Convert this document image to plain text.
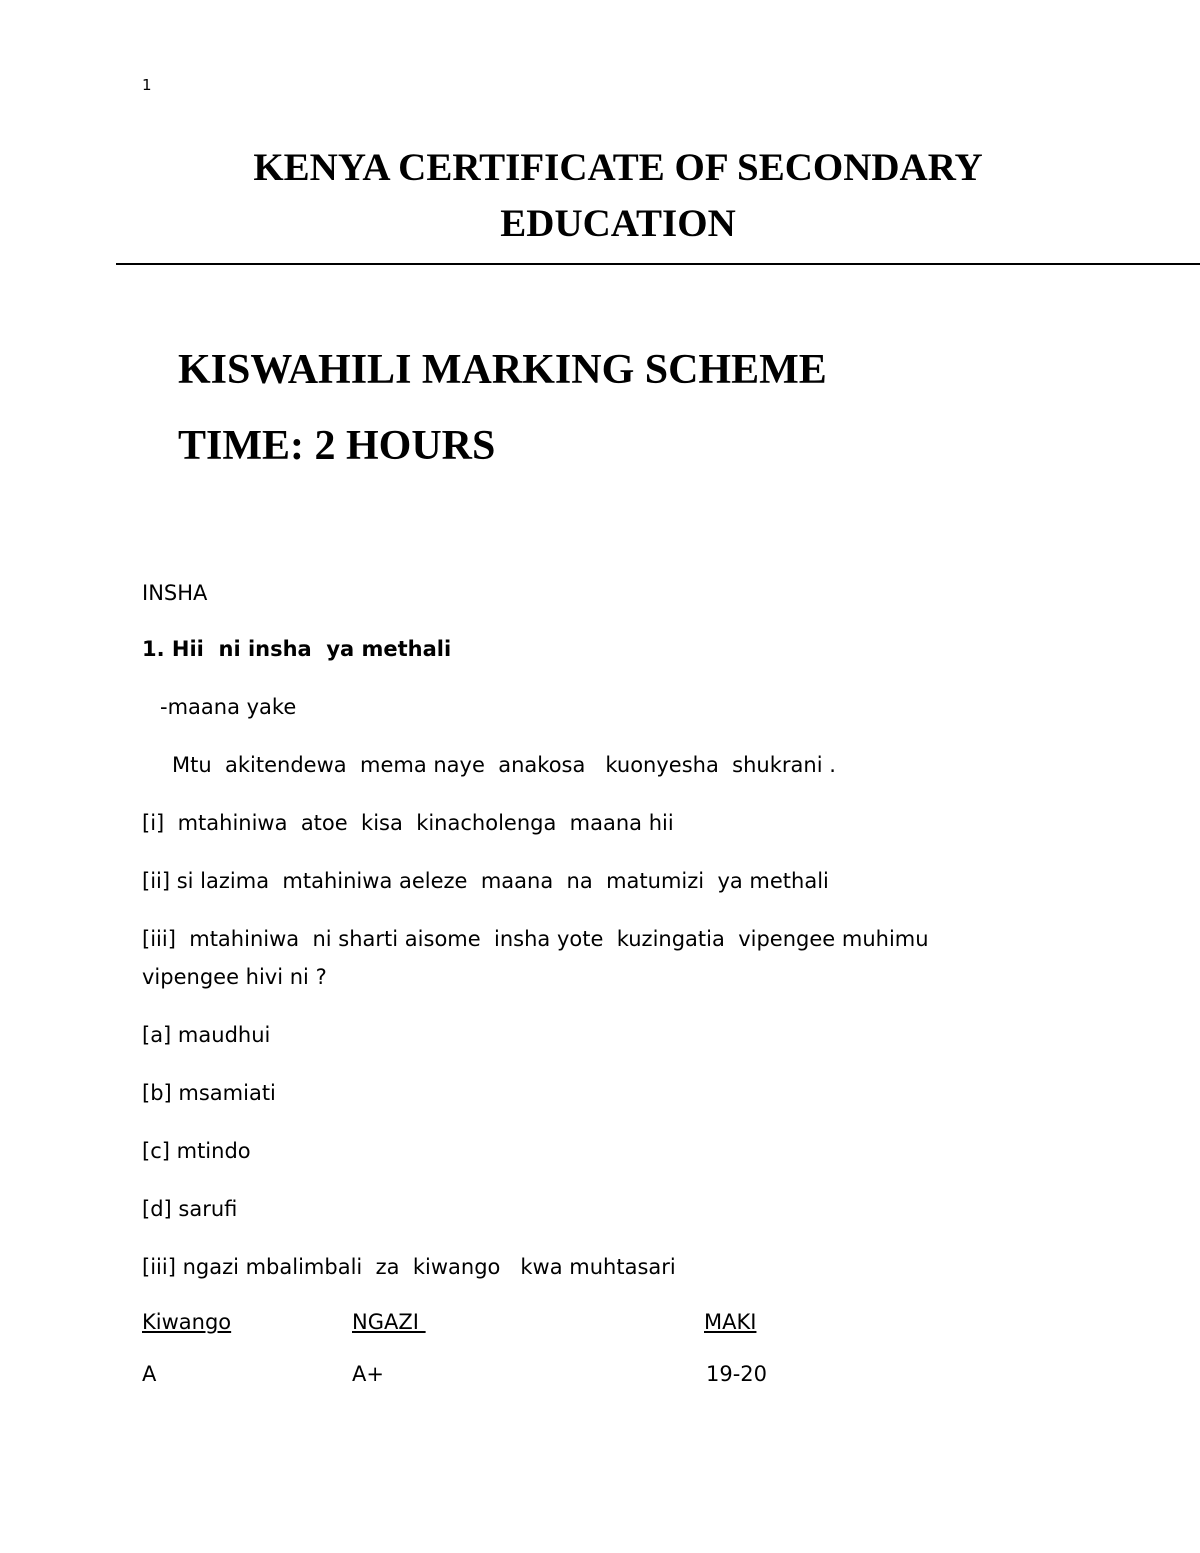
1
KENYA CERTIFICATE OF SECONDARY
EDUCATION
KISWAHILI MARKING SCHEME
TIME: 2 HOURS
INSHA
1. Hii  ni insha  ya methali
-maana yake
Mtu  akitendewa  mema naye  anakosa   kuonyesha  shukrani .
[i]  mtahiniwa  atoe  kisa  kinacholenga  maana hii
[ii] si lazima  mtahiniwa aeleze  maana  na  matumizi  ya methali
[iii]  mtahiniwa  ni sharti aisome  insha yote  kuzingatia  vipengee muhimu
vipengee hivi ni ?
[a] maudhui
[b] msamiati
[c] mtindo
[d] sarufi
[iii] ngazi mbalimbali  za  kiwango   kwa muhtasari
Kiwango	NGAZI	MAKI
A	A+	19-20
